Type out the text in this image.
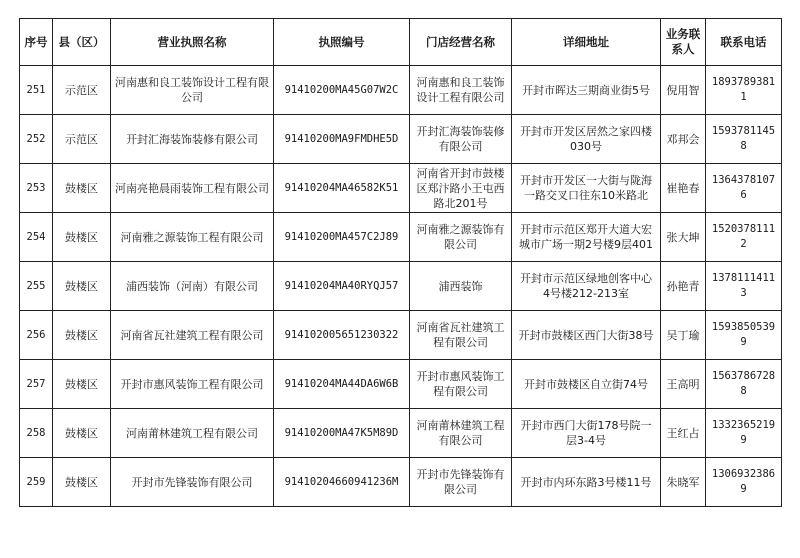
序号	县（区）	营业执照名称	执照编号	门店经营名称	详细地址	业务联系人	联系电话
251	示范区	河南惠和良工装饰设计工程有限公司	91410200MA45G07W2C	河南惠和良工装饰设计工程有限公司	开封市晖达三期商业街5号	倪用智	18937893811
252	示范区	开封汇海装饰装修有限公司	91410200MA9FMDHE5D	开封汇海装饰装修有限公司	开封市开发区居然之家四楼030号	邓邦会	15937811458
253	鼓楼区	河南亮艳晨雨装饰工程有限公司	91410204MA46582K51	河南省开封市鼓楼区郑汴路小王屯西路北201号	开封市开发区一大街与陇海一路交叉口往东10米路北	崔艳春	13643781076
254	鼓楼区	河南雅之源装饰工程有限公司	91410200MA457C2J89	河南雅之源装饰有限公司	开封市示范区郑开大道大宏城市广场一期2号楼9层401	张大坤	15203781112
255	鼓楼区	浦西装饰（河南）有限公司	91410204MA40RYQJ57	浦西装饰	开封市示范区绿地创客中心4号楼212-213室	孙艳青	13781114113
256	鼓楼区	河南省瓦社建筑工程有限公司	91410200565123032​2	河南省瓦社建筑工程有限公司	开封市鼓楼区西门大街38号	吴丁瑜	15938505399
257	鼓楼区	开封市惠风装饰工程有限公司	91410204MA44DA6W6B	开封市惠风装饰工程有限公司	开封市鼓楼区自立街74号	王高明	15637867288
258	鼓楼区	河南莆林建筑工程有限公司	91410200MA47K5M89D	河南莆林建筑工程有限公司	开封市西门大街178号院一层3-4号	王红占	13323652199
259	鼓楼区	开封市先锋装饰有限公司	914102046609412​36M	开封市先锋装饰有限公司	开封市内环东路3号楼11号	朱晓军	13069323869
